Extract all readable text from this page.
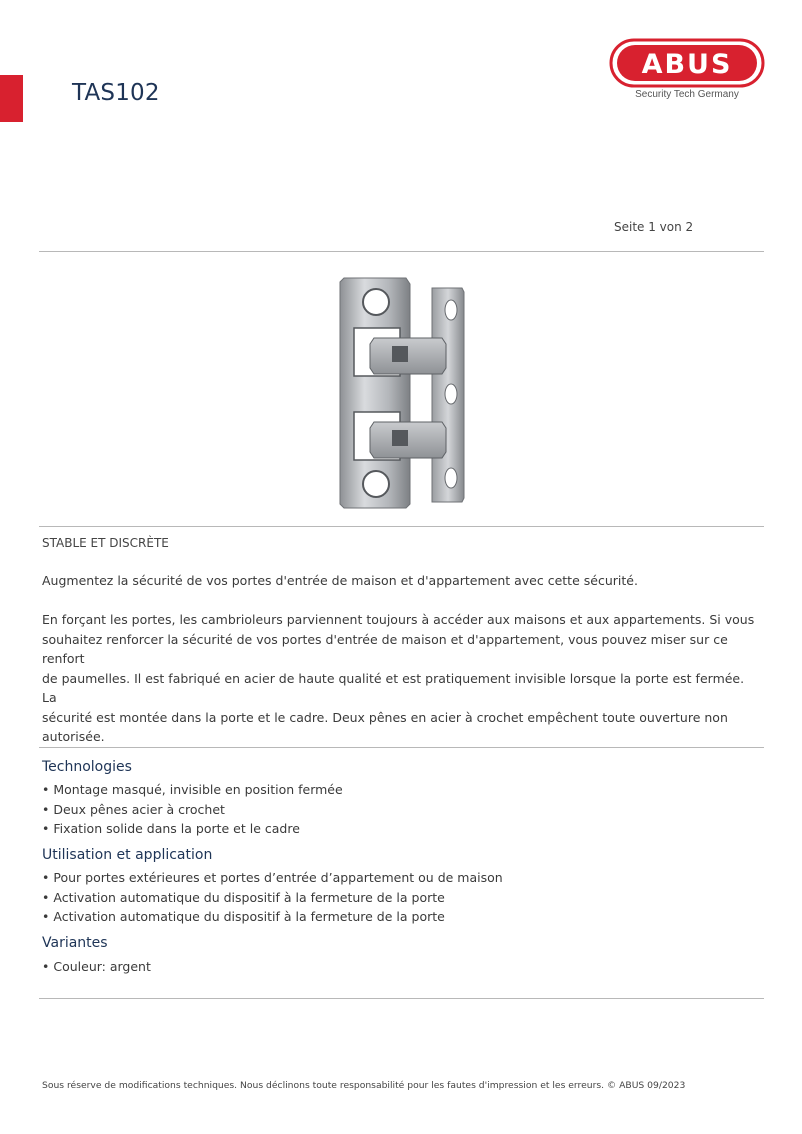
TAS102
ABUS
Security Tech Germany
Seite 1 von 2
STABLE ET DISCRÈTE
Augmentez la sécurité de vos portes d'entrée de maison et d'appartement avec cette sécurité.
En forçant les portes, les cambrioleurs parviennent toujours à accéder aux maisons et aux appartements. Si vous
souhaitez renforcer la sécurité de vos portes d'entrée de maison et d'appartement, vous pouvez miser sur ce renfort
de paumelles. Il est fabriqué en acier de haute qualité et est pratiquement invisible lorsque la porte est fermée. La
sécurité est montée dans la porte et le cadre. Deux pênes en acier à crochet empêchent toute ouverture non
autorisée.
Technologies
• Montage masqué, invisible en position fermée
• Deux pênes acier à crochet
• Fixation solide dans la porte et le cadre
Utilisation et application
• Pour portes extérieures et portes d’entrée d’appartement ou de maison
• Activation automatique du dispositif à la fermeture de la porte
• Activation automatique du dispositif à la fermeture de la porte
Variantes
• Couleur: argent
Sous réserve de modifications techniques. Nous déclinons toute responsabilité pour les fautes d'impression et les erreurs. © ABUS 09/2023
